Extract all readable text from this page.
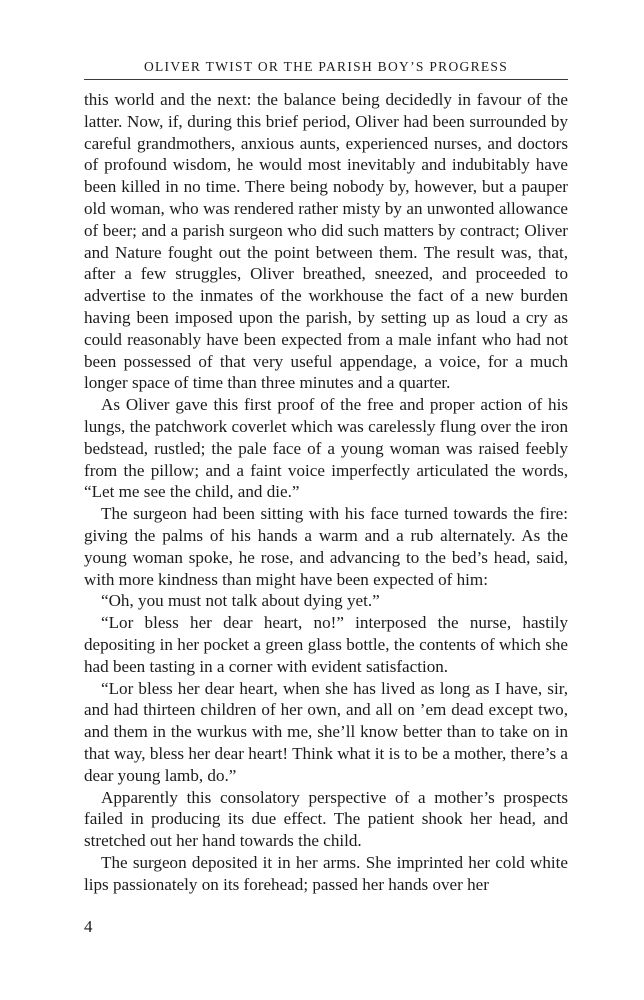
OLIVER TWIST OR THE PARISH BOY’S PROGRESS

this world and the next: the balance being decidedly in favour of the latter. Now, if, during this brief period, Oliver had been surrounded by careful grandmothers, anxious aunts, experienced nurses, and doctors of profound wisdom, he would most inevitably and indubitably have been killed in no time. There being nobody by, however, but a pauper old woman, who was rendered rather misty by an unwonted allowance of beer; and a parish surgeon who did such matters by contract; Oliver and Nature fought out the point between them. The result was, that, after a few struggles, Oliver breathed, sneezed, and proceeded to advertise to the inmates of the workhouse the fact of a new burden having been imposed upon the parish, by setting up as loud a cry as could reasonably have been expected from a male infant who had not been possessed of that very useful appendage, a voice, for a much longer space of time than three minutes and a quarter.

As Oliver gave this first proof of the free and proper action of his lungs, the patchwork coverlet which was carelessly flung over the iron bedstead, rustled; the pale face of a young woman was raised feebly from the pillow; and a faint voice imperfectly articulated the words, “Let me see the child, and die.”

The surgeon had been sitting with his face turned towards the fire: giving the palms of his hands a warm and a rub alternately. As the young woman spoke, he rose, and advancing to the bed’s head, said, with more kindness than might have been expected of him:

“Oh, you must not talk about dying yet.”

“Lor bless her dear heart, no!” interposed the nurse, hastily depositing in her pocket a green glass bottle, the contents of which she had been tasting in a corner with evident satisfaction.

“Lor bless her dear heart, when she has lived as long as I have, sir, and had thirteen children of her own, and all on ’em dead except two, and them in the wurkus with me, she’ll know better than to take on in that way, bless her dear heart! Think what it is to be a mother, there’s a dear young lamb, do.”

Apparently this consolatory perspective of a mother’s prospects failed in producing its due effect. The patient shook her head, and stretched out her hand towards the child.

The surgeon deposited it in her arms. She imprinted her cold white lips passionately on its forehead; passed her hands over her

4
